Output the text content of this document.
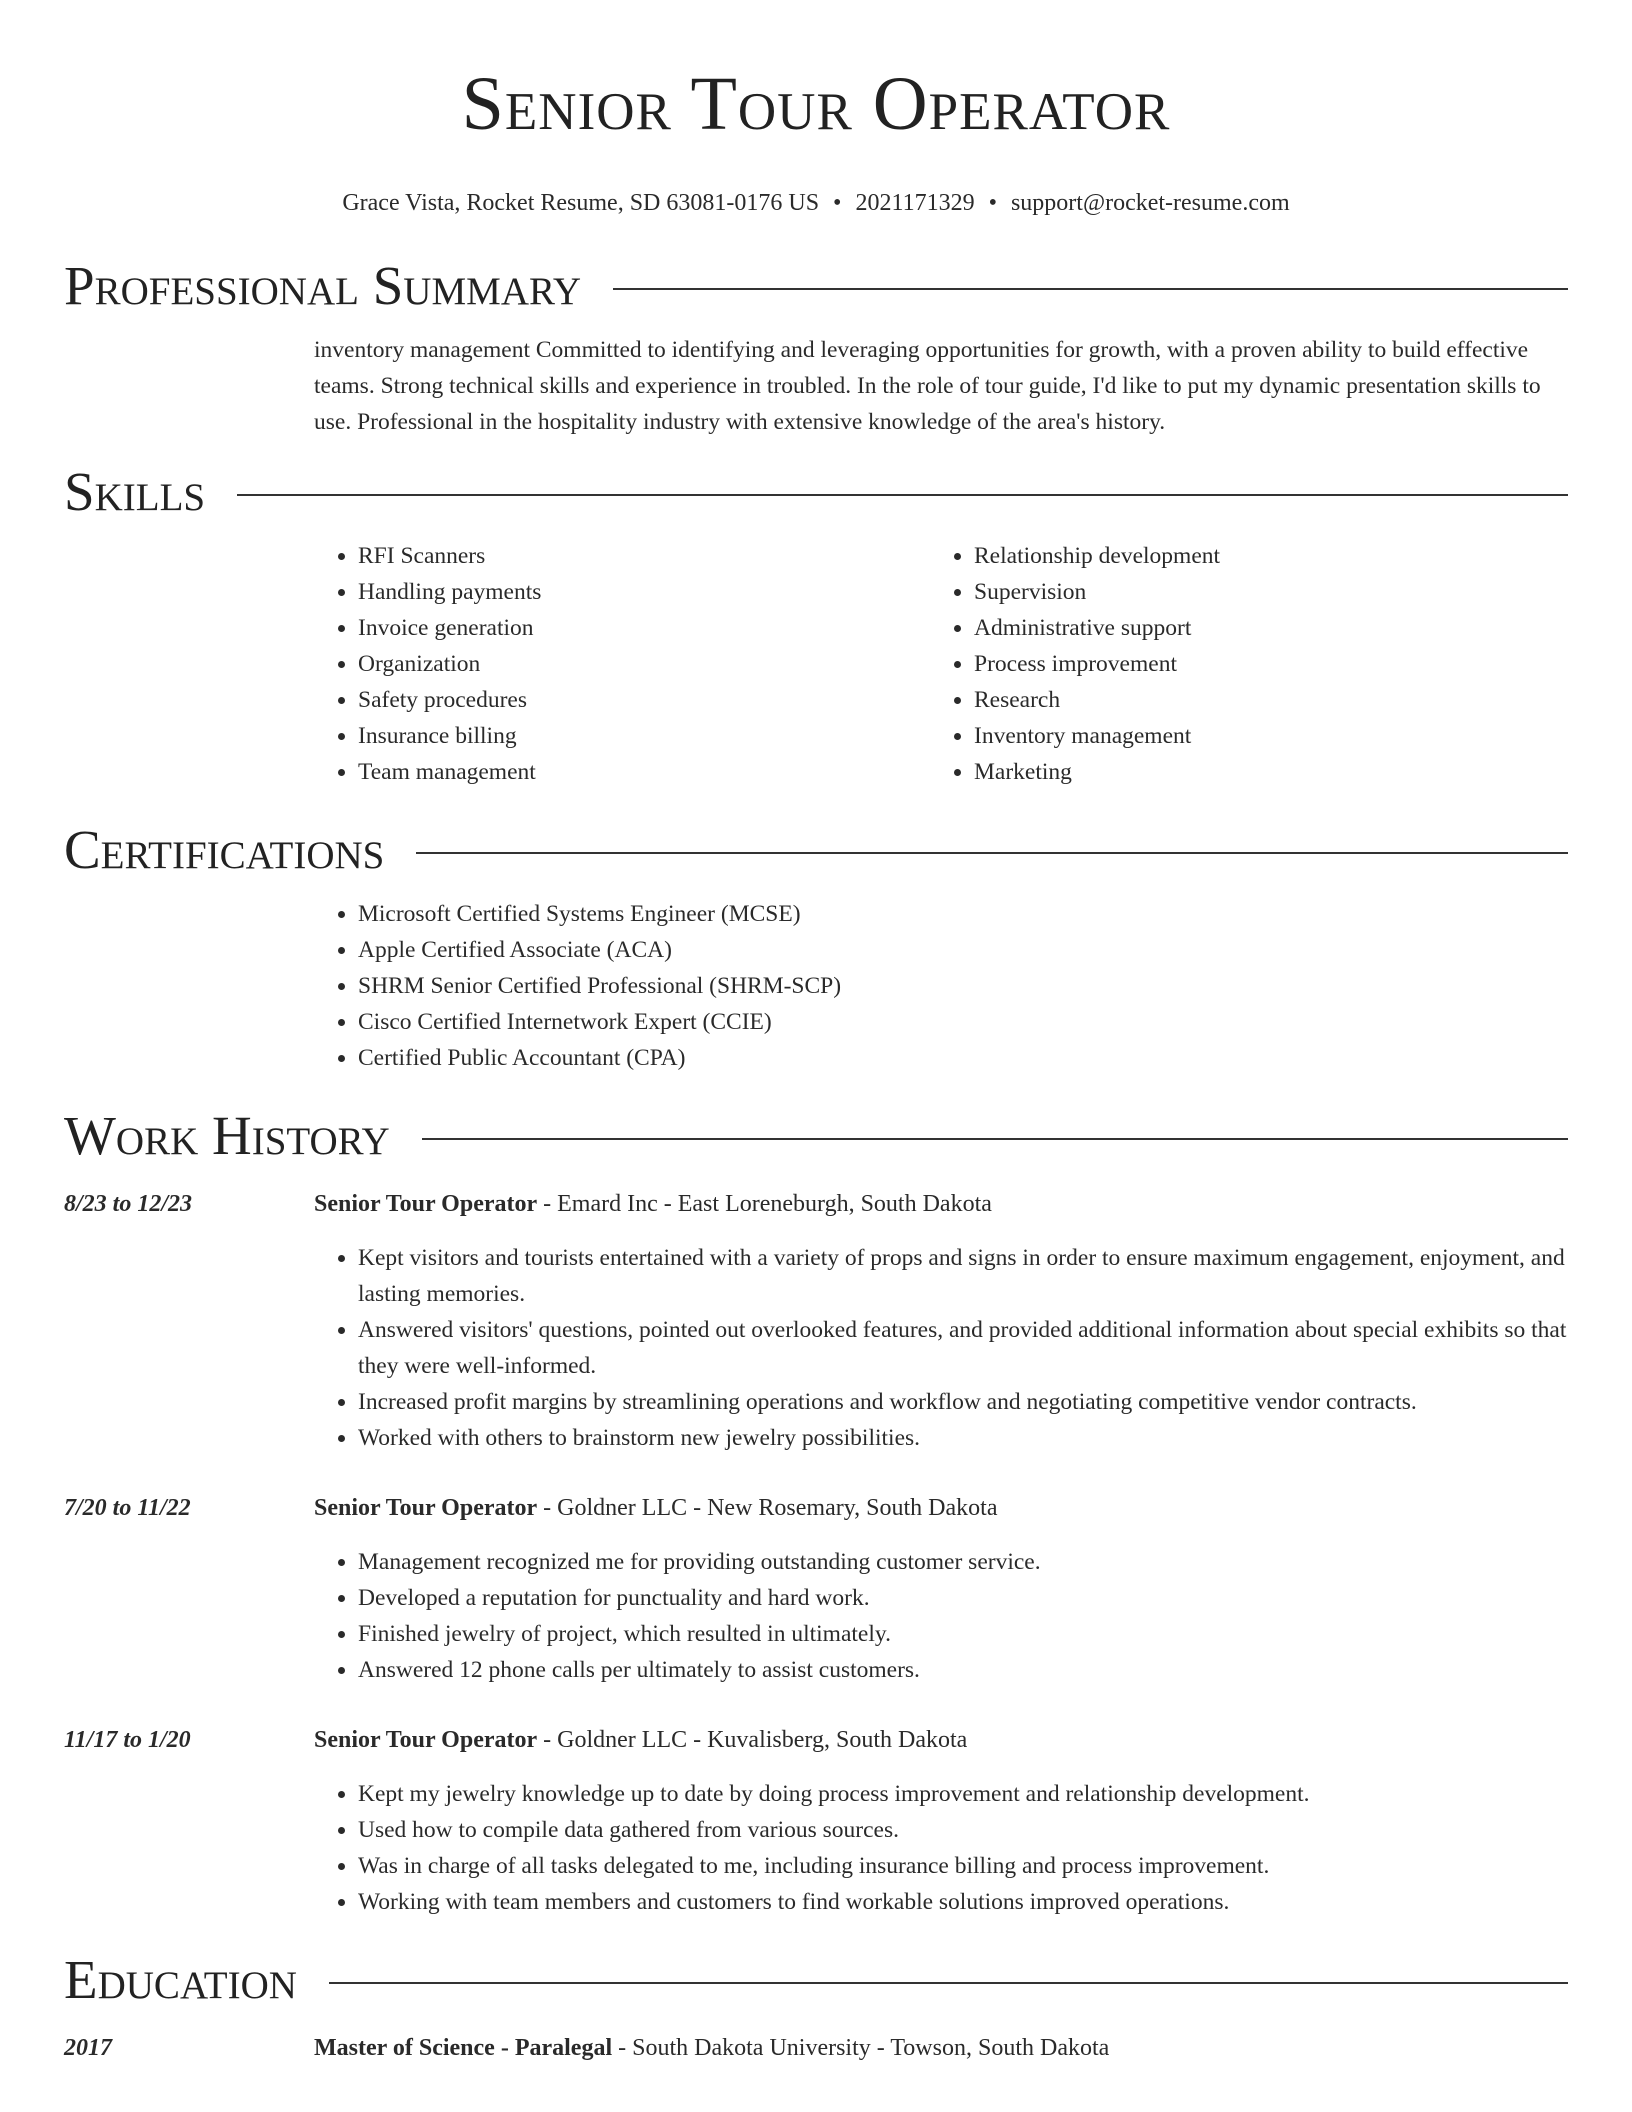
Senior Tour Operator
Grace Vista, Rocket Resume, SD 63081-0176 US • 2021171329 • support@rocket-resume.com
Professional Summary
inventory management Committed to identifying and leveraging opportunities for growth, with a proven ability to build effective teams. Strong technical skills and experience in troubled. In the role of tour guide, I'd like to put my dynamic presentation skills to use. Professional in the hospitality industry with extensive knowledge of the area's history.
Skills
• RFI Scanners
• Handling payments
• Invoice generation
• Organization
• Safety procedures
• Insurance billing
• Team management
• Relationship development
• Supervision
• Administrative support
• Process improvement
• Research
• Inventory management
• Marketing
Certifications
• Microsoft Certified Systems Engineer (MCSE)
• Apple Certified Associate (ACA)
• SHRM Senior Certified Professional (SHRM-SCP)
• Cisco Certified Internetwork Expert (CCIE)
• Certified Public Accountant (CPA)
Work History
8/23 to 12/23	Senior Tour Operator - Emard Inc - East Loreneburgh, South Dakota
• Kept visitors and tourists entertained with a variety of props and signs in order to ensure maximum engagement, enjoyment, and lasting memories.
• Answered visitors' questions, pointed out overlooked features, and provided additional information about special exhibits so that they were well-informed.
• Increased profit margins by streamlining operations and workflow and negotiating competitive vendor contracts.
• Worked with others to brainstorm new jewelry possibilities.
7/20 to 11/22	Senior Tour Operator - Goldner LLC - New Rosemary, South Dakota
• Management recognized me for providing outstanding customer service.
• Developed a reputation for punctuality and hard work.
• Finished jewelry of project, which resulted in ultimately.
• Answered 12 phone calls per ultimately to assist customers.
11/17 to 1/20	Senior Tour Operator - Goldner LLC - Kuvalisberg, South Dakota
• Kept my jewelry knowledge up to date by doing process improvement and relationship development.
• Used how to compile data gathered from various sources.
• Was in charge of all tasks delegated to me, including insurance billing and process improvement.
• Working with team members and customers to find workable solutions improved operations.
Education
2017	Master of Science - Paralegal - South Dakota University - Towson, South Dakota
